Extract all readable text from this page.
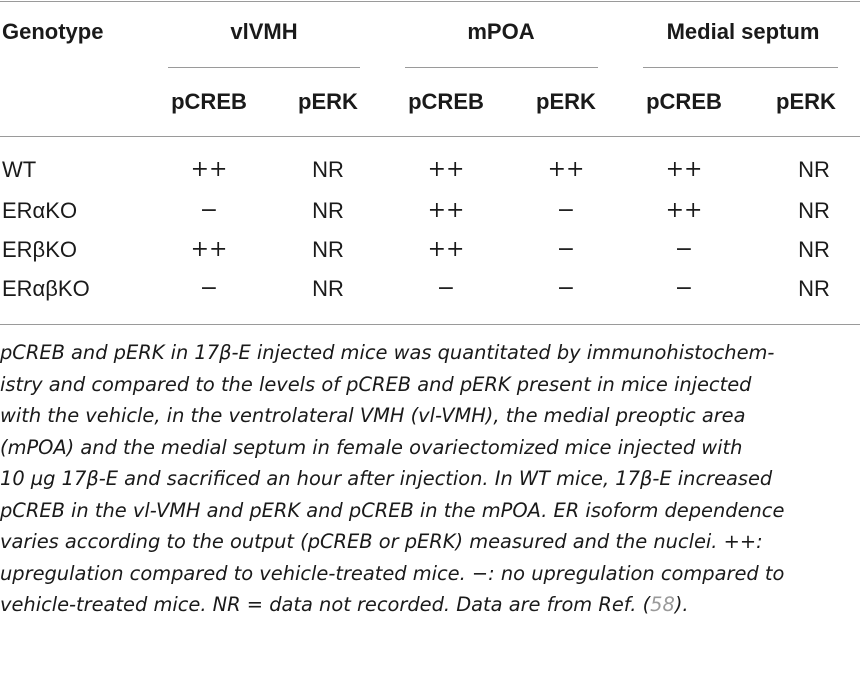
Genotype	vlVMH	mPOA	Medial septum
pCREB pERK pCREB pERK pCREB pERK
WT	++	NR	++	++	++	NR
ERαKO	−	NR	++	−	++	NR
ERβKO	++	NR	++	−	−	NR
ERαβKO	−	NR	−	−	−	NR

pCREB and pERK in 17β-E injected mice was quantitated by immunohistochem-

istry and compared to the levels of pCREB and pERK present in mice injected

with the vehicle, in the ventrolateral VMH (vl-VMH), the medial preoptic area

(mPOA) and the medial septum in female ovariectomized mice injected with

10 µg 17β-E and sacrificed an hour after injection. In WT mice, 17β-E increased

pCREB in the vl-VMH and pERK and pCREB in the mPOA. ER isoform dependence

varies according to the output (pCREB or pERK) measured and the nuclei. ++:

upregulation compared to vehicle-treated mice. −: no upregulation compared to

vehicle-treated mice. NR = data not recorded. Data are from Ref. (58).
